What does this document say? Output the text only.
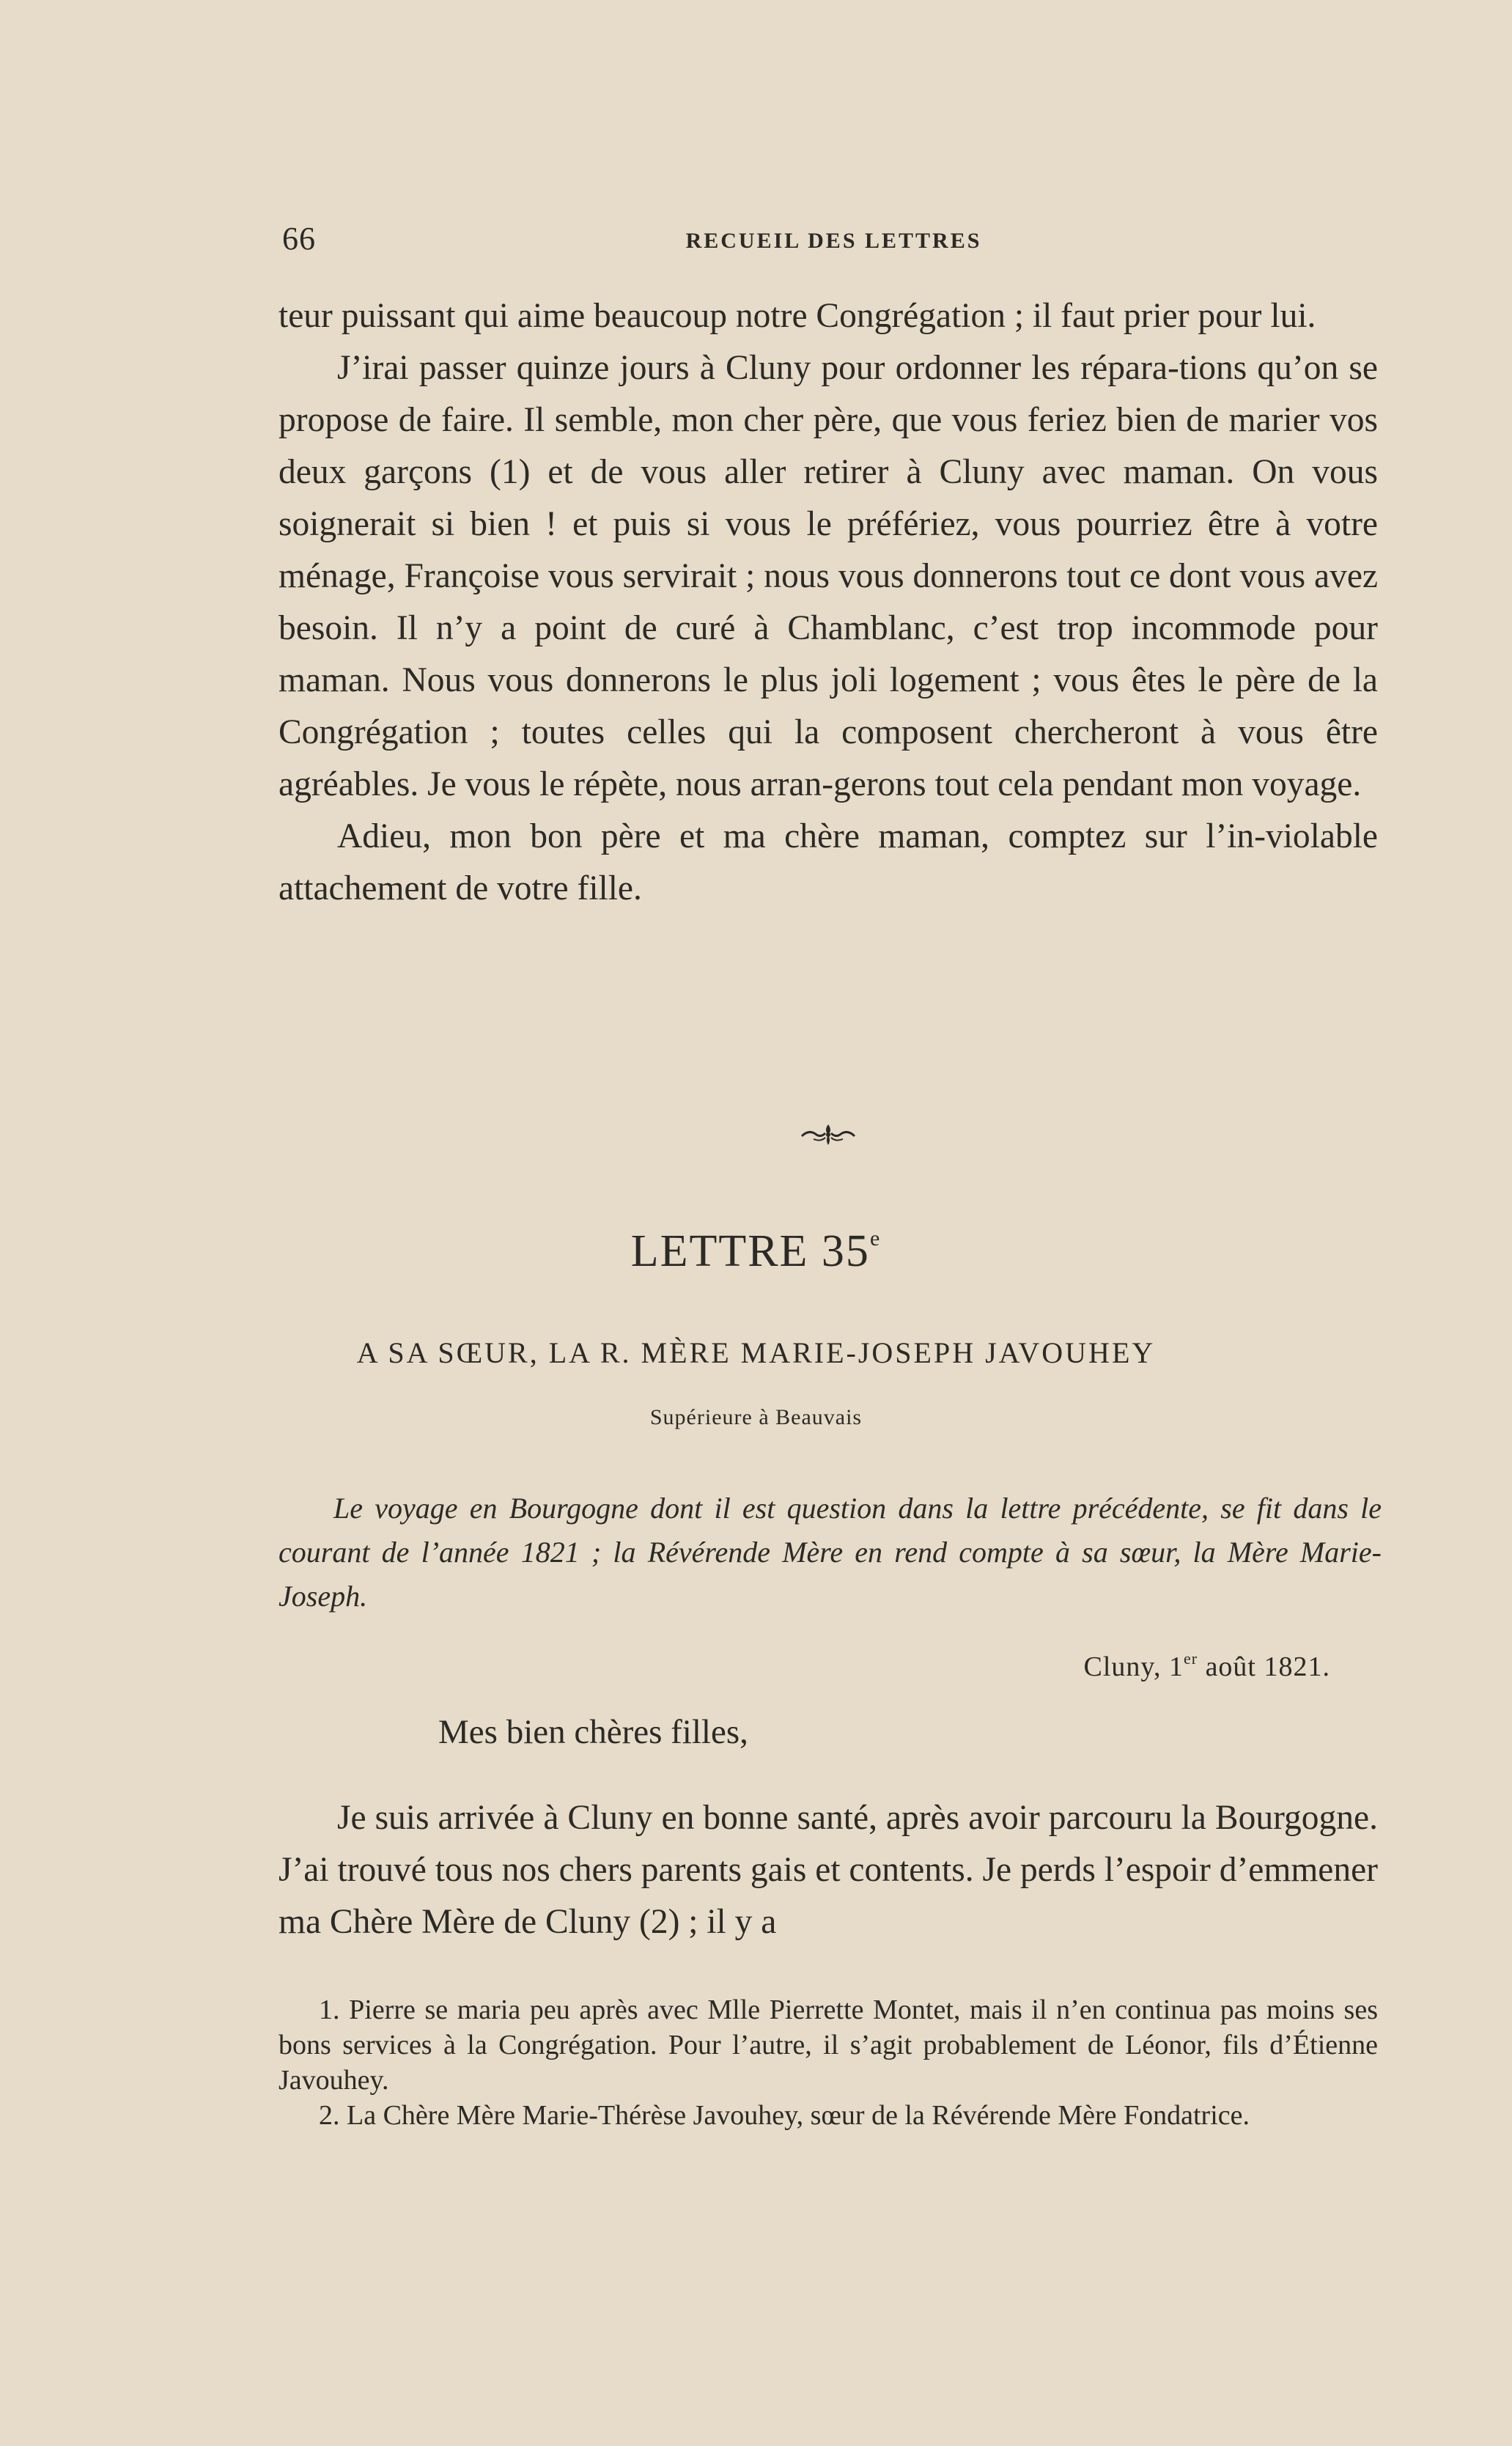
66	RECUEIL DES LETTRES

teur puissant qui aime beaucoup notre Congrégation ; il faut prier pour lui.

J’irai passer quinze jours à Cluny pour ordonner les répara-tions qu’on se propose de faire. Il semble, mon cher père, que vous feriez bien de marier vos deux garçons (1) et de vous aller retirer à Cluny avec maman. On vous soignerait si bien ! et puis si vous le préfériez, vous pourriez être à votre ménage, Françoise vous servirait ; nous vous donnerons tout ce dont vous avez besoin. Il n’y a point de curé à Chamblanc, c’est trop incommode pour maman. Nous vous donnerons le plus joli logement ; vous êtes le père de la Congrégation ; toutes celles qui la composent chercheront à vous être agréables. Je vous le répète, nous arran-gerons tout cela pendant mon voyage.

Adieu, mon bon père et ma chère maman, comptez sur l’in-violable attachement de votre fille.

LETTRE 35e
A SA SŒUR, LA R. MÈRE MARIE-JOSEPH JAVOUHEY
Supérieure à Beauvais

Le voyage en Bourgogne dont il est question dans la lettre précédente, se fit dans le courant de l’année 1821 ; la Révérende Mère en rend compte à sa sœur, la Mère Marie-Joseph.

Cluny, 1er août 1821.
Mes bien chères filles,

Je suis arrivée à Cluny en bonne santé, après avoir parcouru la Bourgogne. J’ai trouvé tous nos chers parents gais et contents. Je perds l’espoir d’emmener ma Chère Mère de Cluny (2) ; il y a

1. Pierre se maria peu après avec Mlle Pierrette Montet, mais il n’en continua pas moins ses bons services à la Congrégation. Pour l’autre, il s’agit probablement de Léonor, fils d’Étienne Javouhey.

2. La Chère Mère Marie-Thérèse Javouhey, sœur de la Révérende Mère Fondatrice.
